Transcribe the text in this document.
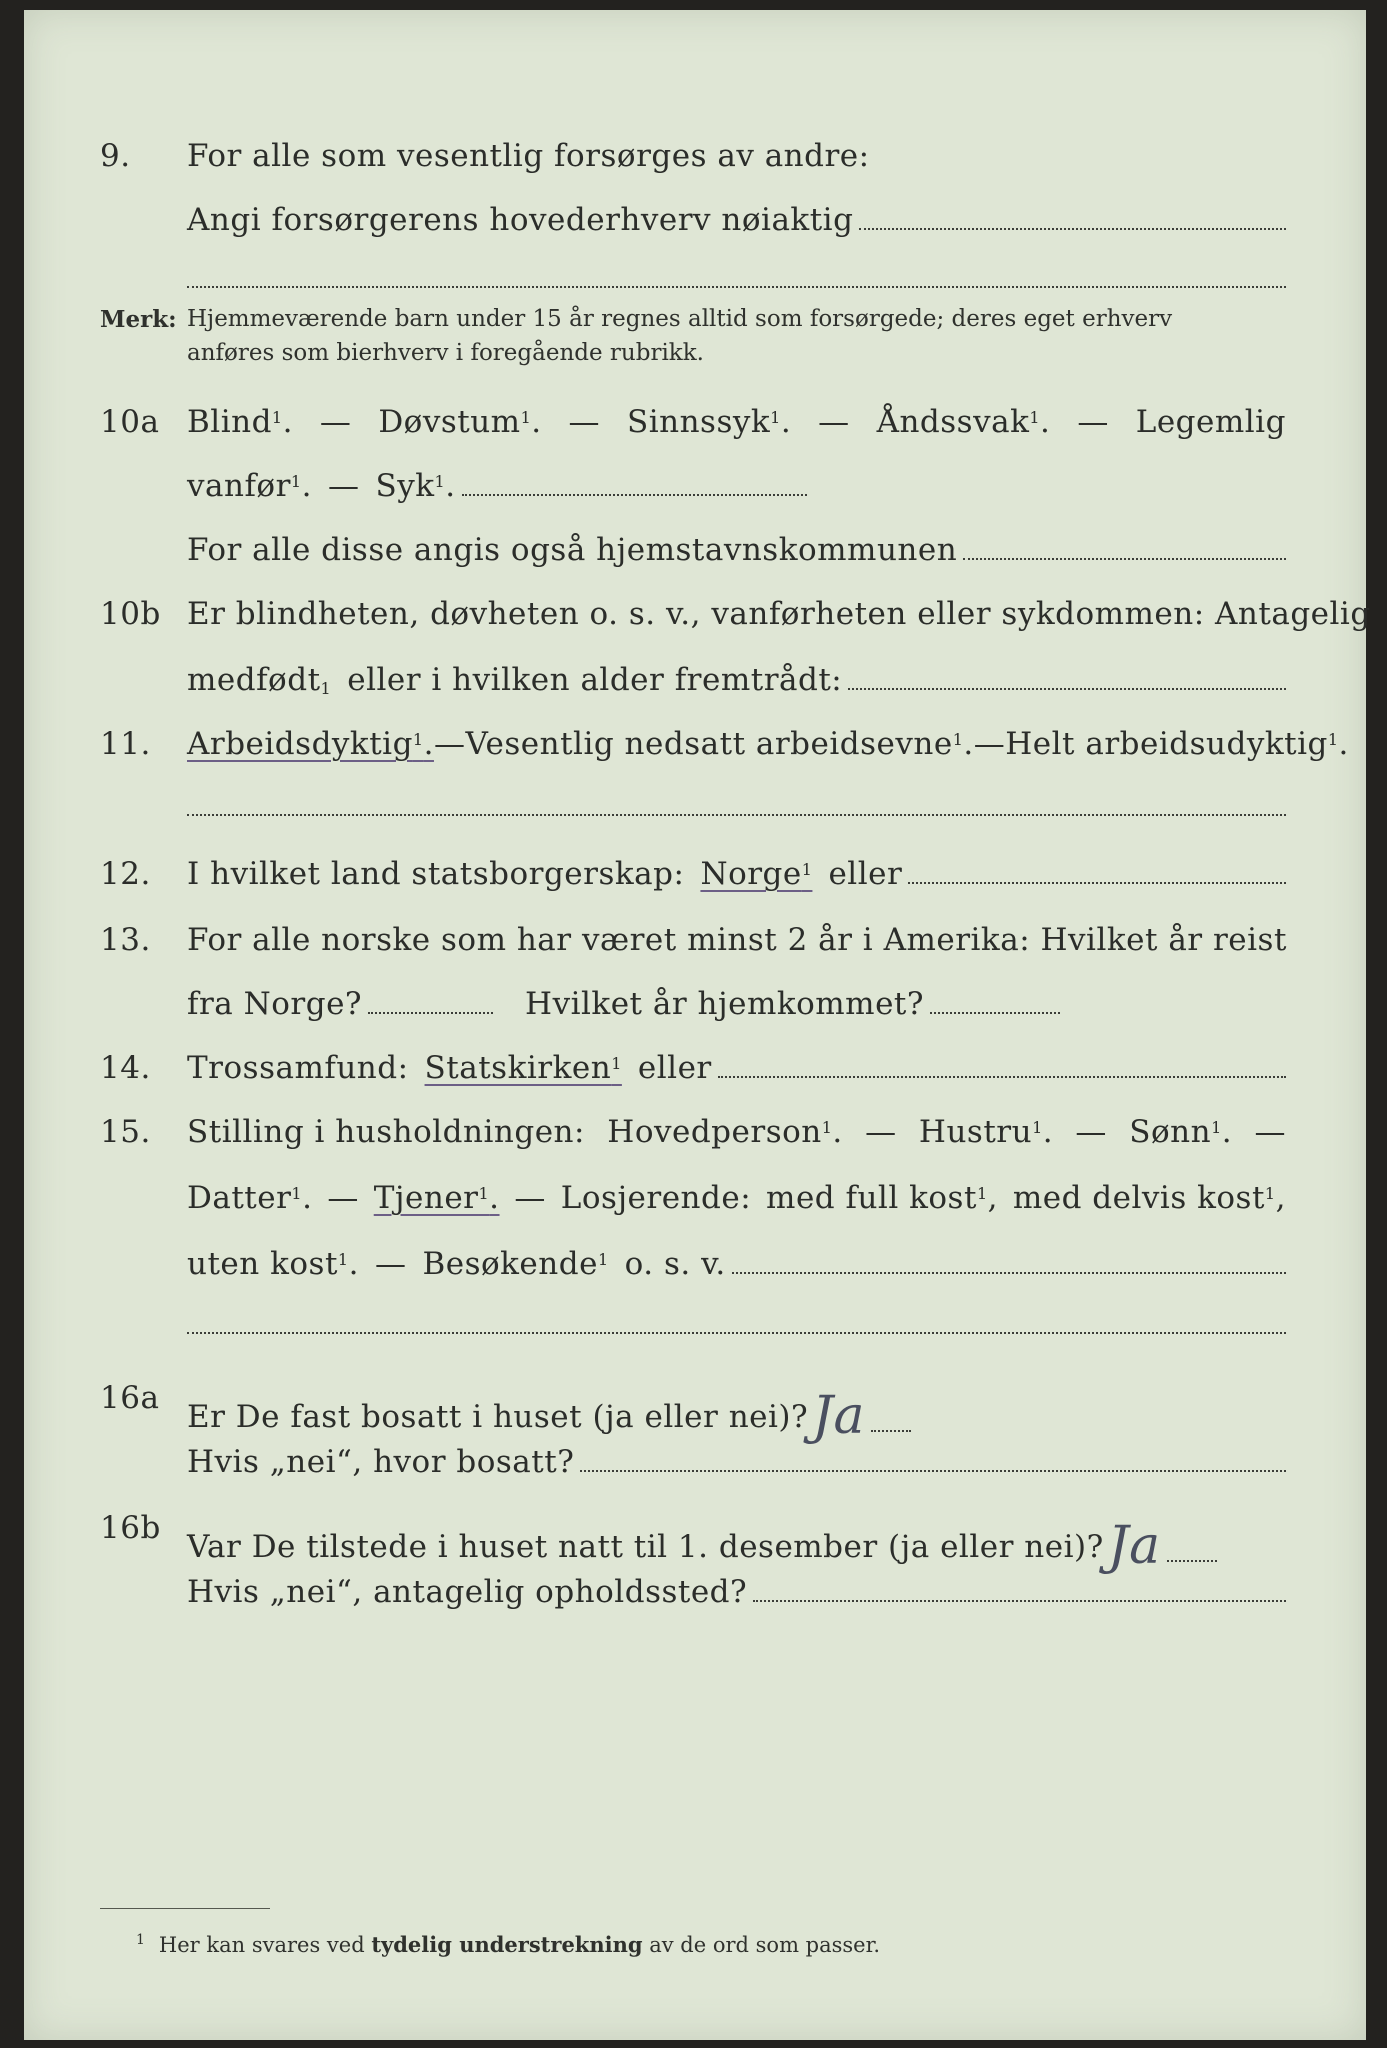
9. For alle som vesentlig forsørges av andre:
Angi forsørgerens hovederhverv nøiaktig
Merk: Hjemmeværende barn under 15 år regnes alltid som forsørgede; deres eget erhverv
anføres som bierhverv i foregående rubrikk.
10a Blind$^1$. — Døvstum$^1$. — Sinnssyk$^1$. — Åndssvak$^1$. — Legemlig
vanfør$^1$. — Syk$^1$.
For alle disse angis også hjemstavnskommunen
10b Er blindheten, døvheten o. s. v., vanførheten eller sykdommen: Antagelig
medfødt$^1$ eller i hvilken alder fremtrådt:
11. Arbeidsdyktig$^1$. — Vesentlig nedsatt arbeidsevne$^1$. — Helt arbeidsudyktig$^1$.
12. I hvilket land statsborgerskap: Norge$^1$ eller
13. For alle norske som har været minst 2 år i Amerika: Hvilket år reist
fra Norge?	Hvilket år hjemkommet?
14. Trossamfund: Statskirken$^1$ eller
15. Stilling i husholdningen: Hovedperson$^1$. — Hustru$^1$. — Sønn$^1$. —
Datter$^1$. — Tjener$^1$. — Losjerende: med full kost$^1$, med delvis kost$^1$,
uten kost$^1$. — Besøkende$^1$ o. s. v.
16a
Er De fast bosatt i huset (ja eller nei)? Ja
Hvis „nei“, hvor bosatt?
16b
Var De tilstede i huset natt til 1. desember (ja eller nei)? Ja
Hvis „nei“, antagelig opholdssted?
$^1$ Her kan svares ved tydelig understrekning av de ord som passer.
